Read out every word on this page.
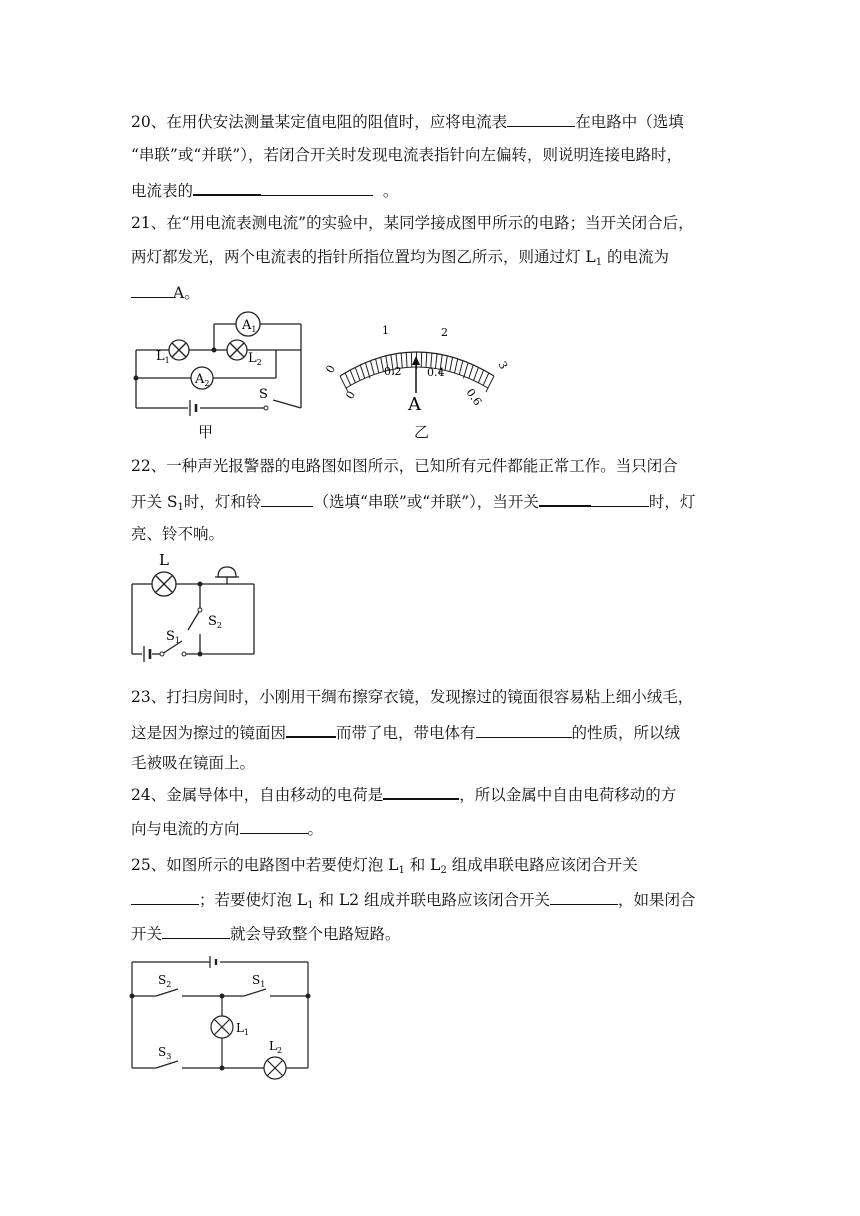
20、在用伏安法测量某定值电阻的阻值时，应将电流表	在电路中（选填
“串联”或“并联”），若闭合开关时发现电流表指针向左偏转，则说明连接电路时，
电流表的	。
21、在“用电流表测电流”的实验中，某同学接成图甲所示的电路；当开关闭合后，
两灯都发光，两个电流表的指针所指位置均为图乙所示，则通过灯 $L_1$ 的电流为
A。
$A_1$
$A_2$
$L_1$	$L_2$
S
甲
0
1	2
3
0
0.2 0.4
0.6
A
乙
22、一种声光报警器的电路图如图所示，已知所有元件都能正常工作。当只闭合
开关 $S_1$时，灯和铃	（选填“串联”或“并联”），当开关	时，灯
亮、铃不响。
L
$S_1$
$S_2$
23、打扫房间时，小刚用干绸布擦穿衣镜，发现擦过的镜面很容易粘上细小绒毛，
这是因为擦过的镜面因	而带了电，带电体有	的性质，所以绒
毛被吸在镜面上。
24、金属导体中，自由移动的电荷是	，所以金属中自由电荷移动的方
向与电流的方向	。
25、如图所示的电路图中若要使灯泡 $L_1$ 和 $L_2$ 组成串联电路应该闭合开关
；若要使灯泡 $L_1$ 和 L2 组成并联电路应该闭合开关	，如果闭合
开关	就会导致整个电路短路。
$S_2$	$S_1$
$S_3$
$L_1$
$L_2$
